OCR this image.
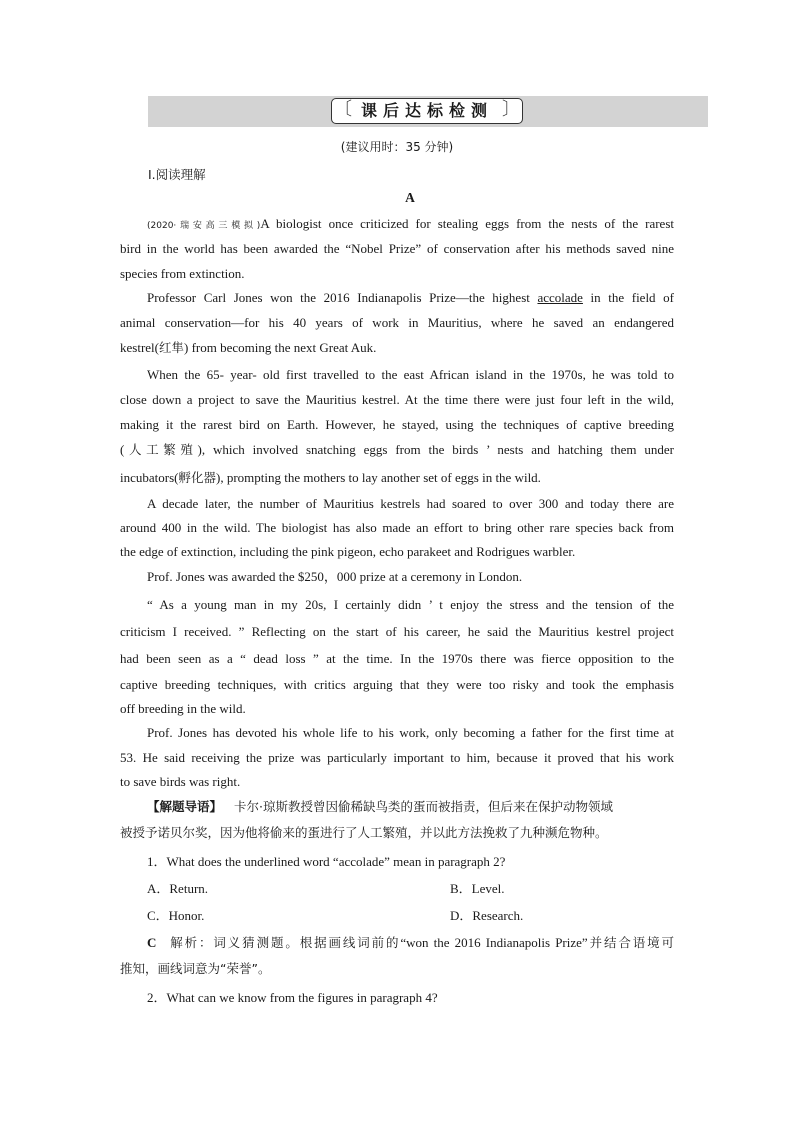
〔 课后达标检测 〕
(建议用时：35 分钟)
Ⅰ.阅读理解
A
(2020·瑞安高三模拟)A biologist once criticized for stealing eggs from the nests of the rarest
bird in the world has been awarded the “Nobel Prize” of conservation after his methods saved nine
species from extinction.
Professor Carl Jones won the 2016 Indianapolis Prize—the highest accolade in the field of
animal conservation—for his 40 years of work in Mauritius, where he saved an endangered
kestrel(红隼) from becoming the next Great Auk.
When the 65- year- old first travelled to the east African island in the 1970s, he was told to
close down a project to save the Mauritius kestrel. At the time there were just four left in the wild,
making it the rarest bird on Earth. However, he stayed, using the techniques of captive breeding
(人工繁殖), which involved snatching eggs from the birds ’ nests and hatching them under
incubators(孵化器), prompting the mothers to lay another set of eggs in the wild.
A decade later, the number of Mauritius kestrels had soared to over 300 and today there are
around 400 in the wild. The biologist has also made an effort to bring other rare species back from
the edge of extinction, including the pink pigeon, echo parakeet and Rodrigues warbler.
Prof. Jones was awarded the $250，000 prize at a ceremony in London.
“ As a young man in my 20s, I certainly didn ’ t enjoy the stress and the tension of the
criticism I received. ” Reflecting on the start of his career, he said the Mauritius kestrel project
had been seen as a “ dead loss ” at the time. In the 1970s there was fierce opposition to the
captive breeding techniques, with critics arguing that they were too risky and took the emphasis
off breeding in the wild.
Prof. Jones has devoted his whole life to his work, only becoming a father for the first time at
53. He said receiving the prize was particularly important to him, because it proved that his work
to save birds was right.
【解题导语】 卡尔·琼斯教授曾因偷稀缺鸟类的蛋而被指责，但后来在保护动物领域
被授予诺贝尔奖，因为他将偷来的蛋进行了人工繁殖，并以此方法挽救了九种濒危物种。
1．What does the underlined word “accolade” mean in paragraph 2?
A．Return.	B．Level.
C．Honor.	D．Research.
C 解析：词义猜测题。根据画线词前的“won the 2016 Indianapolis Prize”并结合语境可
推知，画线词意为“荣誉”。
2．What can we know from the figures in paragraph 4?
